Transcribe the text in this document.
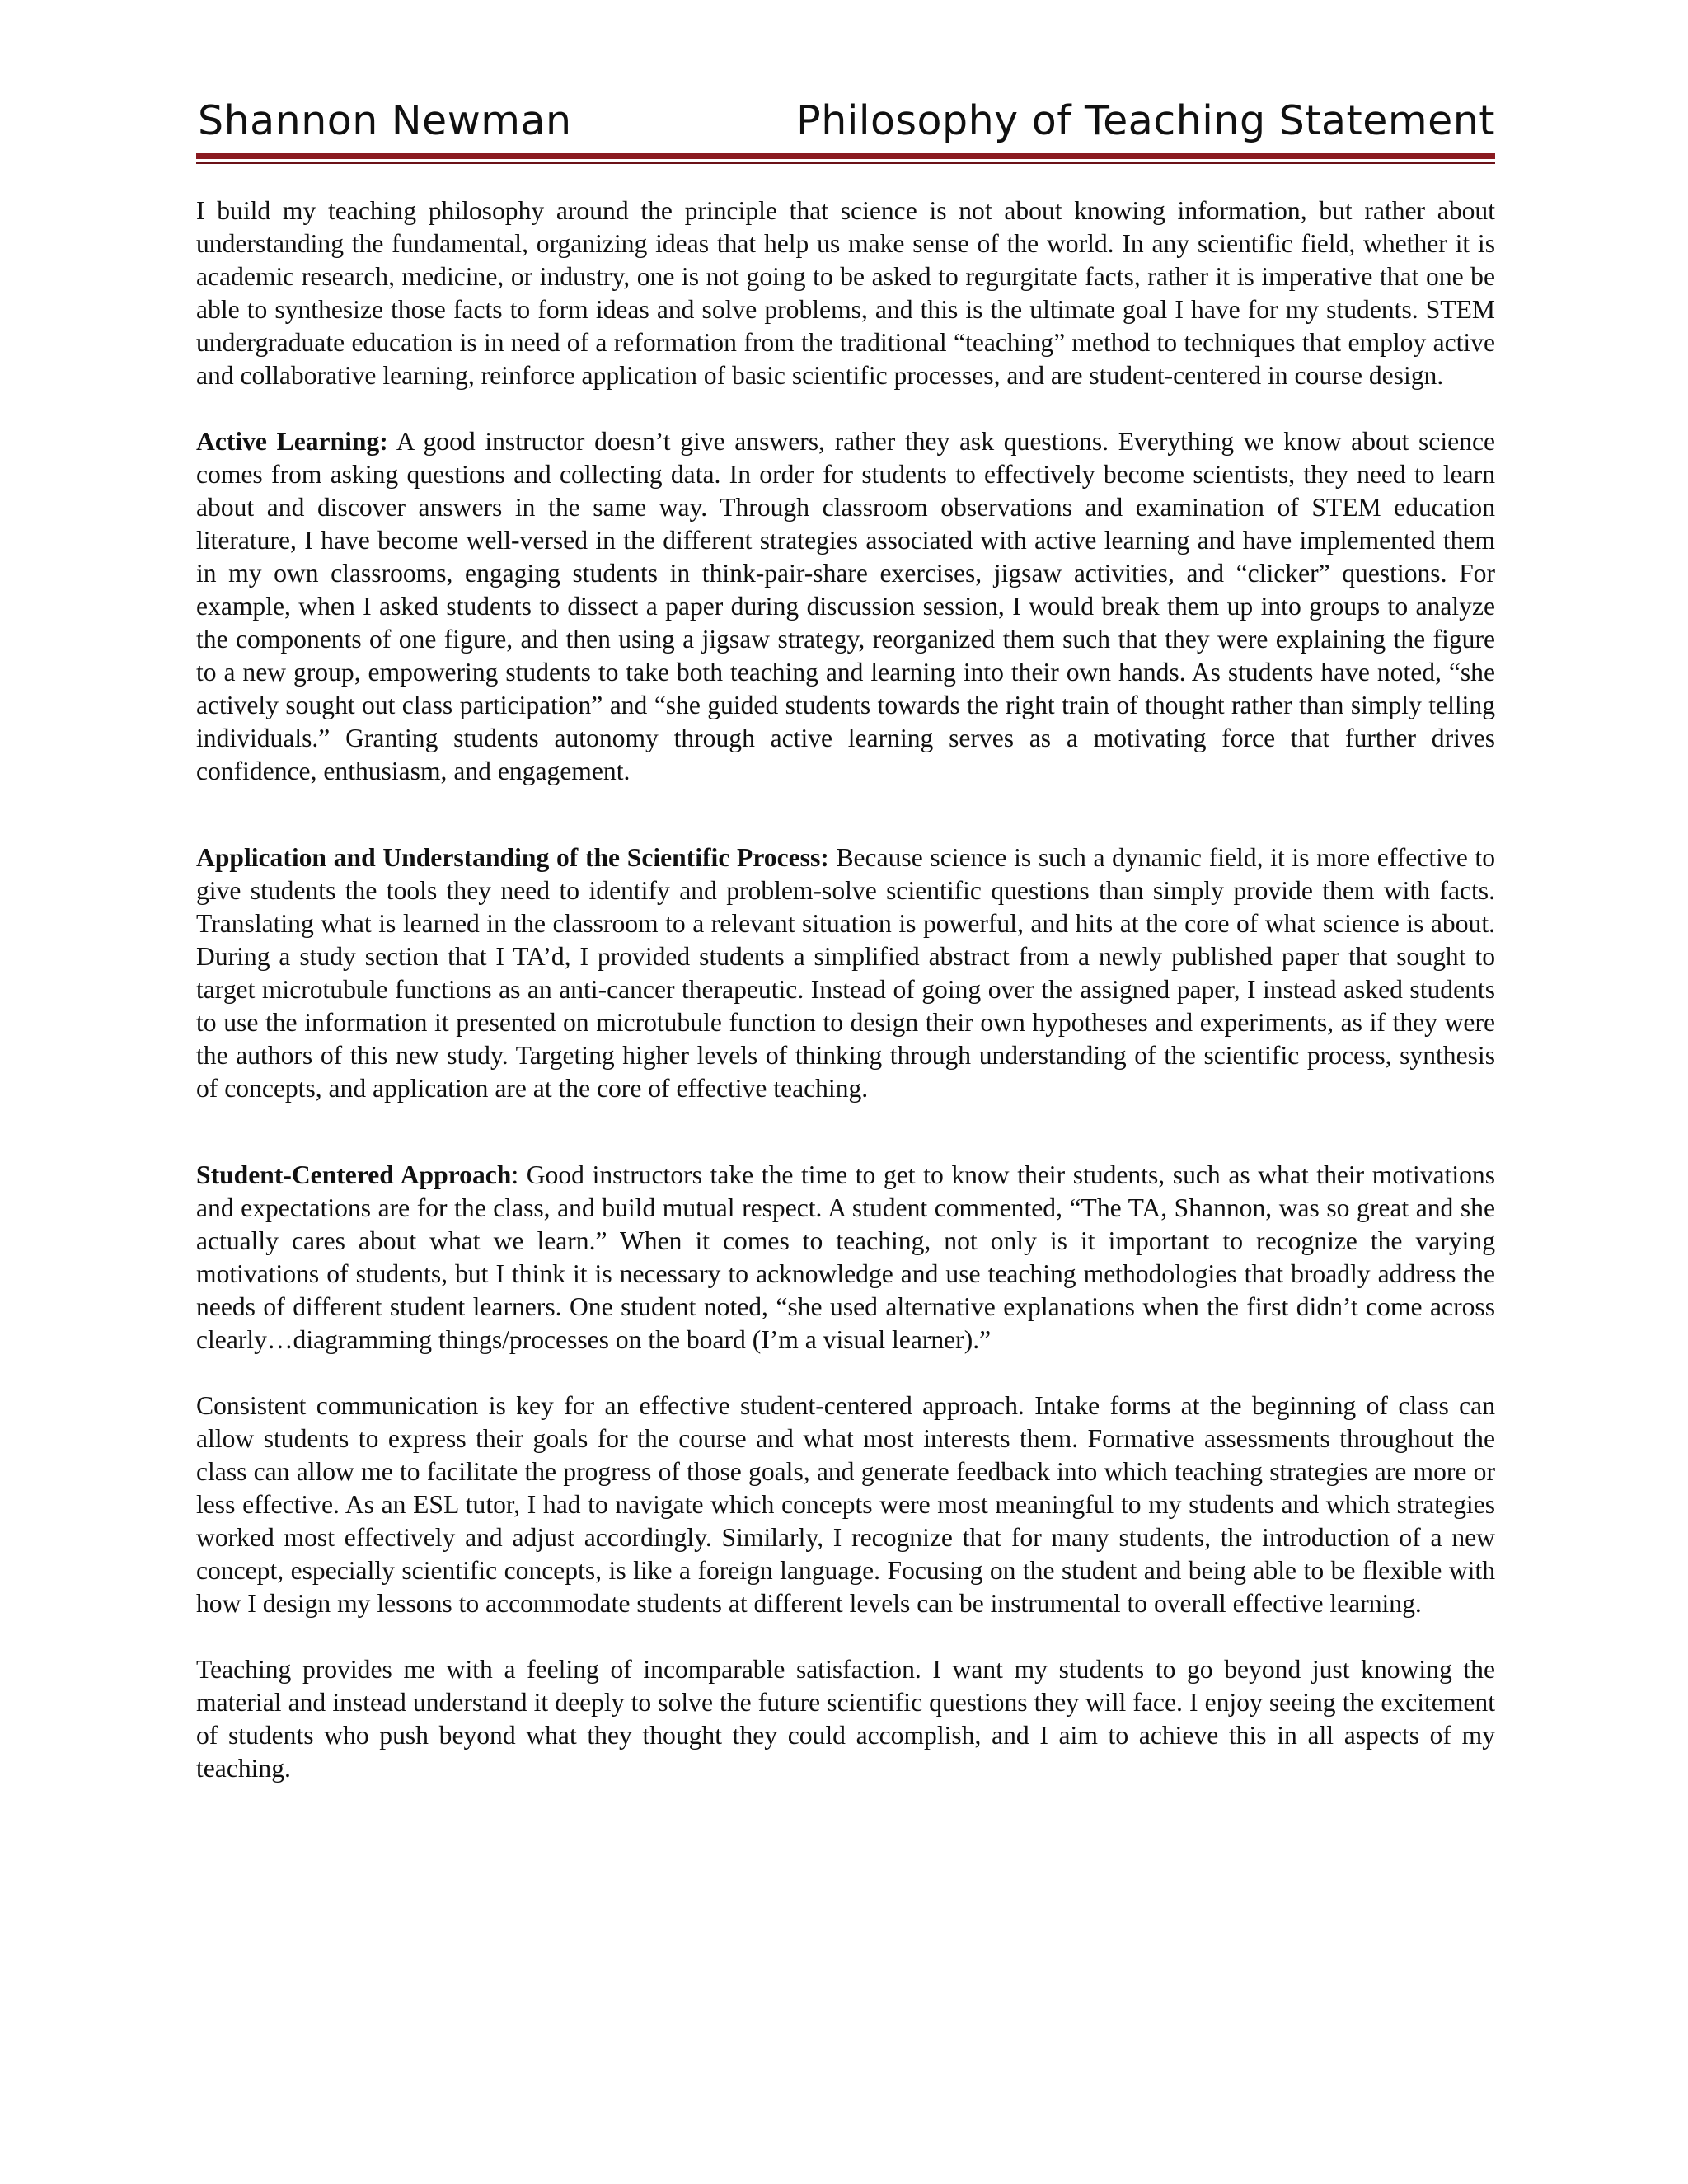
Shannon Newman	Philosophy of Teaching Statement

I build my teaching philosophy around the principle that science is not about knowing information, but rather about understanding the fundamental, organizing ideas that help us make sense of the world. In any scientific field, whether it is academic research, medicine, or industry, one is not going to be asked to regurgitate facts, rather it is imperative that one be able to synthesize those facts to form ideas and solve problems, and this is the ultimate goal I have for my students. STEM undergraduate education is in need of a reformation from the traditional “teaching” method to techniques that employ active and collaborative learning, reinforce application of basic scientific processes, and are student-centered in course design.

Active Learning: A good instructor doesn’t give answers, rather they ask questions. Everything we know about science comes from asking questions and collecting data. In order for students to effectively become scientists, they need to learn about and discover answers in the same way. Through classroom observations and examination of STEM education literature, I have become well-versed in the different strategies associated with active learning and have implemented them in my own classrooms, engaging students in think-pair-share exercises, jigsaw activities, and “clicker” questions. For example, when I asked students to dissect a paper during discussion session, I would break them up into groups to analyze the components of one figure, and then using a jigsaw strategy, reorganized them such that they were explaining the figure to a new group, empowering students to take both teaching and learning into their own hands. As students have noted, “she actively sought out class participation” and “she guided students towards the right train of thought rather than simply telling individuals.” Granting students autonomy through active learning serves as a motivating force that further drives confidence, enthusiasm, and engagement.

Application and Understanding of the Scientific Process: Because science is such a dynamic field, it is more effective to give students the tools they need to identify and problem-solve scientific questions than simply provide them with facts. Translating what is learned in the classroom to a relevant situation is powerful, and hits at the core of what science is about. During a study section that I TA’d, I provided students a simplified abstract from a newly published paper that sought to target microtubule functions as an anti-cancer therapeutic. Instead of going over the assigned paper, I instead asked students to use the information it presented on microtubule function to design their own hypotheses and experiments, as if they were the authors of this new study. Targeting higher levels of thinking through understanding of the scientific process, synthesis of concepts, and application are at the core of effective teaching.

Student-Centered Approach: Good instructors take the time to get to know their students, such as what their motivations and expectations are for the class, and build mutual respect. A student commented, “The TA, Shannon, was so great and she actually cares about what we learn.” When it comes to teaching, not only is it important to recognize the varying motivations of students, but I think it is necessary to acknowledge and use teaching methodologies that broadly address the needs of different student learners. One student noted, “she used alternative explanations when the first didn’t come across clearly…diagramming things/processes on the board (I’m a visual learner).”

Consistent communication is key for an effective student-centered approach. Intake forms at the beginning of class can allow students to express their goals for the course and what most interests them. Formative assessments throughout the class can allow me to facilitate the progress of those goals, and generate feedback into which teaching strategies are more or less effective. As an ESL tutor, I had to navigate which concepts were most meaningful to my students and which strategies worked most effectively and adjust accordingly. Similarly, I recognize that for many students, the introduction of a new concept, especially scientific concepts, is like a foreign language. Focusing on the student and being able to be flexible with how I design my lessons to accommodate students at different levels can be instrumental to overall effective learning.

Teaching provides me with a feeling of incomparable satisfaction. I want my students to go beyond just knowing the material and instead understand it deeply to solve the future scientific questions they will face. I enjoy seeing the excitement of students who push beyond what they thought they could accomplish, and I aim to achieve this in all aspects of my teaching.
